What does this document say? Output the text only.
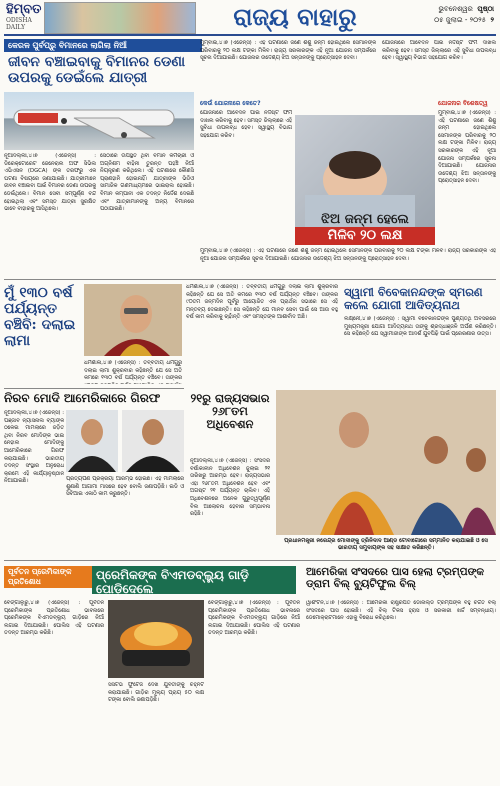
ହିମ୍ବତ
ODISHA DAILY	ରାଜ୍ୟ ବାହାରୁ	ଭୁବନେଶ୍ୱର ପୃଷ୍ଠା
୦୫ ଜୁଲାଇ - ୨୦୨୫ ୨
କେରଳ ପୁର୍ବପ୍ରୁ ବିମାନରେ ଲାଗିଲା ନିଆଁ
ଜୀବନ ବଞ୍ଚାଇବାକୁ ବିମାନର ଡେଣା ଉପରକୁ ଡେଇଁଲେ ଯାତ୍ରୀ
ନୂଆଦିଲ୍ଲୀ,୪।୭ (ଏଜେନ୍ସି) : ଡିରେକ୍ଟୋରେଟ ଜେନେରାଲ ଅଫ ସିଭିଲ ଏଭିଏସନ (DGCA) ଙ୍କ ତରଫରୁ ଏକ ଘଟଣା ବିଷୟରେ ଜଣାଯାଇଛି। ଯାତ୍ରୀମାନେ ଜୀବନ ବଞ୍ଚାଇବା ପାଇଁ ବିମାନର ଡେଣା ଉପରକୁ ଡେଇଁଥିଲେ। ବିମାନ ସେବା ସମ୍ପୂର୍ଣ୍ଣ ବନ୍ଦ ହୋଇଥିଲା ଏବଂ ସମସ୍ତ ଯାତ୍ରୀ ସୁରକ୍ଷିତ ଭାବେ ବାହାରକୁ ଆସିଥିଲେ।
ସେଠାରେ ଉପସ୍ଥିତ ଥିବା ବିମାନ କର୍ମଚାରୀ ଓ ଅଗ୍ନିଶମ ବାହିନୀ ତୁରନ୍ତ ପହଞ୍ଚି ନିଆଁ ନିୟନ୍ତ୍ରଣ କରିଥିଲେ। ଏହି ଘଟଣାରେ କୌଣସି ପ୍ରାଣହାନି ହୋଇନାହିଁ। ଯାତ୍ରୀଙ୍କ ଭିଡିଓ ସାମାଜିକ ଗଣମାଧ୍ୟମରେ ଭାଇରାଲ ହୋଇଛି। ବିମାନ କମ୍ପାନୀ ଏକ ତଦନ୍ତ ନିର୍ଦ୍ଦେଶ ଦେଇଛି ଏବଂ ଯାତ୍ରୀମାନଙ୍କୁ ଅନ୍ୟ ବିମାନରେ ପଠାଯାଇଛି।
ମୁମ୍ବାଇ,୪।୭ (ଏଜେନ୍ସି) : ଏହି ଘଟଣାରେ ଜଣେ ଶିଶୁ ଜନ୍ମ ହୋଇଥିଲେ ସେମାନଙ୍କ ପରିବାରକୁ ୨୦ ଲକ୍ଷ ଟଙ୍କା ମିଳିବ। ରାଜ୍ୟ ସରକାରଙ୍କ ଏହି ନୂଆ ଯୋଜନା ସମ୍ପର୍କରେ ସୂଚନା ଦିଆଯାଇଛି। ଯୋଜନାର ଉଦ୍ଦେଶ୍ୟ ଝିଅ ସନ୍ତାନଙ୍କୁ ପ୍ରୋତ୍ସାହନ ଦେବା।
ଯୋଜନାରେ ଆବେଦନ ପାଇଁ ନିର୍ଦ୍ଦିଷ୍ଟ ଫର୍ମ ଦାଖଲ କରିବାକୁ ହେବ। ସମସ୍ତ ଜିଲ୍ଲାରେ ଏହି ସୁବିଧା ଉପଲବ୍ଧ ହେବ। ସ୍ୱାସ୍ଥ୍ୟ ବିଭାଗ ସହଯୋଗ କରିବ।
କେଉଁ ଯୋଜନାରେ କେତେ?
ଯୋଜନାରେ ଆବେଦନ ପାଇଁ ନିର୍ଦ୍ଦିଷ୍ଟ ଫର୍ମ ଦାଖଲ କରିବାକୁ ହେବ। ସମସ୍ତ ଜିଲ୍ଲାରେ ଏହି ସୁବିଧା ଉପଲବ୍ଧ ହେବ। ସ୍ୱାସ୍ଥ୍ୟ ବିଭାଗ ସହଯୋଗ କରିବ।
ଝିଅ ଜନ୍ମ ହେଲେ
ମିଳିବ ୨୦ ଲକ୍ଷ
ଯୋଜନାର ବିଶେଷତ୍ୱ
ମୁମ୍ବାଇ,୪।୭ (ଏଜେନ୍ସି) : ଏହି ଘଟଣାରେ ଜଣେ ଶିଶୁ ଜନ୍ମ ହୋଇଥିଲେ ସେମାନଙ୍କ ପରିବାରକୁ ୨୦ ଲକ୍ଷ ଟଙ୍କା ମିଳିବ। ରାଜ୍ୟ ସରକାରଙ୍କ ଏହି ନୂଆ ଯୋଜନା ସମ୍ପର୍କରେ ସୂଚନା ଦିଆଯାଇଛି। ଯୋଜନାର ଉଦ୍ଦେଶ୍ୟ ଝିଅ ସନ୍ତାନଙ୍କୁ ପ୍ରୋତ୍ସାହନ ଦେବା।
ମୁମ୍ବାଇ,୪।୭ (ଏଜେନ୍ସି) : ଏହି ଘଟଣାରେ ଜଣେ ଶିଶୁ ଜନ୍ମ ହୋଇଥିଲେ ସେମାନଙ୍କ ପରିବାରକୁ ୨୦ ଲକ୍ଷ ଟଙ୍କା ମିଳିବ। ରାଜ୍ୟ ସରକାରଙ୍କ ଏହି ନୂଆ ଯୋଜନା ସମ୍ପର୍କରେ ସୂଚନା ଦିଆଯାଇଛି। ଯୋଜନାର ଉଦ୍ଦେଶ୍ୟ ଝିଅ ସନ୍ତାନଙ୍କୁ ପ୍ରୋତ୍ସାହନ ଦେବା।
ମୁଁ ୧୩୦ ବର୍ଷ ପର୍ଯ୍ୟନ୍ତ ବଞ୍ଚିବି: ଦଲାଇ ଲାମା
ଧର୍ମଶାଳା,୪।୭ (ଏଜେନ୍ସି) : ତିବ୍ବତୀୟ ଧର୍ମଗୁରୁ ଦଲାଇ ଲାମା ଶୁକ୍ରବାର କହିଛନ୍ତି ଯେ ସେ ଅତି କମରେ ୧୩୦ ବର୍ଷ ପର୍ଯ୍ୟନ୍ତ ବଞ୍ଚିବେ। ତାଙ୍କର ୯୦ତମ ଜନ୍ମଦିନ ପୂର୍ବରୁ ଆୟୋଜିତ ଏକ ପ୍ରାର୍ଥନା ସଭାରେ ସେ ଏହି ମନ୍ତବ୍ୟ ଦେଇଛନ୍ତି। ସେ କହିଛନ୍ତି ଯେ ମାନବ ସେବା ପାଇଁ ସେ ଆଉ ବହୁ ବର୍ଷ କାମ କରିବାକୁ ଚାହାଁନ୍ତି ଏବଂ ସମସ୍ତଙ୍କ ଆଶୀର୍ବାଦ ଅଛି।
ଧର୍ମଶାଳା,୪।୭ (ଏଜେନ୍ସି) : ତିବ୍ବତୀୟ ଧର୍ମଗୁରୁ ଦଲାଇ ଲାମା ଶୁକ୍ରବାର କହିଛନ୍ତି ଯେ ସେ ଅତି କମରେ ୧୩୦ ବର୍ଷ ପର୍ଯ୍ୟନ୍ତ ବଞ୍ଚିବେ। ତାଙ୍କର
ସ୍ୱାମୀ ବିବେକାନନ୍ଦଙ୍କ ସ୍ମରଣ କଲେ ଯୋଗୀ ଆଦିତ୍ୟନାଥ
ଲକ୍ଷ୍ନୌ,୪।୭ (ଏଜେନ୍ସି) : ସ୍ୱାମୀ ବିବେକାନନ୍ଦଙ୍କ ପୁଣ୍ୟତିଥି ଅବସରରେ ମୁଖ୍ୟମନ୍ତ୍ରୀ ଯୋଗୀ ଆଦିତ୍ୟନାଥ ତାଙ୍କୁ ଶ୍ରଦ୍ଧାଞ୍ଜଳି ଅର୍ପଣ କରିଛନ୍ତି। ସେ କହିଛନ୍ତି ଯେ ସ୍ୱାମୀଜୀଙ୍କ ଆଦର୍ଶ ଯୁବପିଢ଼ି ପାଇଁ ପ୍ରେରଣାର ଉତ୍ସ।
ନିରବ ମୋଦି ଆମେରିକାରେ ଗିରଫ
ନୂଆଦିଲ୍ଲୀ,୪।୭ (ଏଜେନ୍ସି) : ପଞ୍ଜାବ ନ୍ୟାସନାଲ ବ୍ୟାଙ୍କ ଠକେଇ ମାମଲାରେ ଜଡ଼ିତ ଥିବା ନିରବ ମୋଦିଙ୍କ ଭାଇ ନେହାଲ ମୋଦିଙ୍କୁ ଆମେରିକାରେ ଗିରଫ କରାଯାଇଛି। ଭାରତୀୟ ତଦନ୍ତ ସଂସ୍ଥାର ଅନୁରୋଧ କ୍ରମେ ଏହି କାର୍ଯ୍ୟାନୁଷ୍ଠାନ ନିଆଯାଇଛି।	ପ୍ରତ୍ୟର୍ପଣ ପ୍ରକ୍ରିୟା ଆରମ୍ଭ ହୋଇଛି। ଏହି ମାମଲାରେ ଶୁଣାଣି ଆଗାମୀ ମାସରେ ହେବ ବୋଲି ଜଣାପଡ଼ିଛି। ଇଡି ଓ ସିବିଆଇ ଏକାଠି କାମ କରୁଛନ୍ତି।
୨୧ରୁ ରାଜ୍ୟସଭାର ୨୬୮ତମ ଅଧିବେଶନ
ନୂଆଦିଲ୍ଲୀ,୪।୭ (ଏଜେନ୍ସି) : ସଂସଦର ବର୍ଷାକାଳୀନ ଅଧିବେଶନ ଜୁଲାଇ ୨୧ ତାରିଖରୁ ଆରମ୍ଭ ହେବ। ରାଜ୍ୟସଭାର ଏହା ୨୬୮ତମ ଅଧିବେଶନ ହେବ ଏବଂ ଅଗଷ୍ଟ ୨୧ ପର୍ଯ୍ୟନ୍ତ ଚାଲିବ। ଏହି ଅଧିବେଶନରେ ଅନେକ ଗୁରୁତ୍ୱପୂର୍ଣ୍ଣ ବିଲ ଆଲୋଚନା ହେବାର ସମ୍ଭାବନା ରହିଛି।
ପ୍ରଧାନମନ୍ତ୍ରୀ ନରେନ୍ଦ୍ର ମୋଦୀଙ୍କୁ ତ୍ରିନିଦାଦ ଆଣ୍ଡ ଟୋବାଗୋରେ ସମ୍ମାନିତ କରାଯାଇଛି ଓ ସେ ଭାରତୀୟ ସମୁଦାୟଙ୍କ ସହ ସାକ୍ଷାତ କରିଛନ୍ତି।
ପୂର୍ବତନ ପ୍ରେମିକାଙ୍କ
ପ୍ରତିଶୋଧ	ପ୍ରେମିକଙ୍କ ବିଏମଡବ୍ଲ୍ୟୁ ଗାଡ଼ି ପୋଡ଼ିଦେଲେ
ବେଙ୍ଗାଲୁରୁ,୪।୭ (ଏଜେନ୍ସି) : ପୂର୍ବତନ ପ୍ରେମିକାଙ୍କ ପ୍ରତିଶୋଧ ଭାବନାରେ ପ୍ରେମିକଙ୍କ ବିଏମଡବ୍ଲ୍ୟୁ ଗାଡ଼ିରେ ନିଆଁ ଲଗାଇ ଦିଆଯାଇଛି। ପୋଲିସ ଏହି ଘଟଣାର ତଦନ୍ତ ଆରମ୍ଭ କରିଛି।
ସିସିଟିଭି ଫୁଟେଜ ଦେଖି ଯୁବତୀଙ୍କୁ ଚିହ୍ନଟ କରାଯାଇଛି। ଗାଡ଼ିର ମୂଲ୍ୟ ପ୍ରାୟ ୫୦ ଲକ୍ଷ ଟଙ୍କା ବୋଲି ଜଣାପଡ଼ିଛି।
ବେଙ୍ଗାଲୁରୁ,୪।୭ (ଏଜେନ୍ସି) : ପୂର୍ବତନ ପ୍ରେମିକାଙ୍କ ପ୍ରତିଶୋଧ ଭାବନାରେ ପ୍ରେମିକଙ୍କ ବିଏମଡବ୍ଲ୍ୟୁ ଗାଡ଼ିରେ ନିଆଁ ଲଗାଇ ଦିଆଯାଇଛି। ପୋଲିସ ଏହି ଘଟଣାର ତଦନ୍ତ ଆରମ୍ଭ କରିଛି।
ଆମେରିକା ସଂସଦରେ ପାସ ହେଲା ଟ୍ରମ୍ପଙ୍କ ଡ୍ରାମ ବିଲ୍ ବ୍ୟୁଟିଫୁଲ ବିଲ୍
ୱାଶିଂଟନ,୪।୭ (ଏଜେନ୍ସି) : ଆମେରିକା ରାଷ୍ଟ୍ରପତି ଡୋନାଲ୍ଡ ଟ୍ରମ୍ପଙ୍କ ବହୁ ଚର୍ଚ୍ଚିତ ବିଲ୍ ସଂସଦରେ ପାସ ହୋଇଛି। ଏହି ବିଲ୍ ଟିକସ ହ୍ରାସ ଓ ସରକାରୀ ଖର୍ଚ୍ଚ ସମ୍ବନ୍ଧୀୟ। ଡେମୋକ୍ରାଟମାନେ ଏହାକୁ ବିରୋଧ କରିଥିଲେ।
